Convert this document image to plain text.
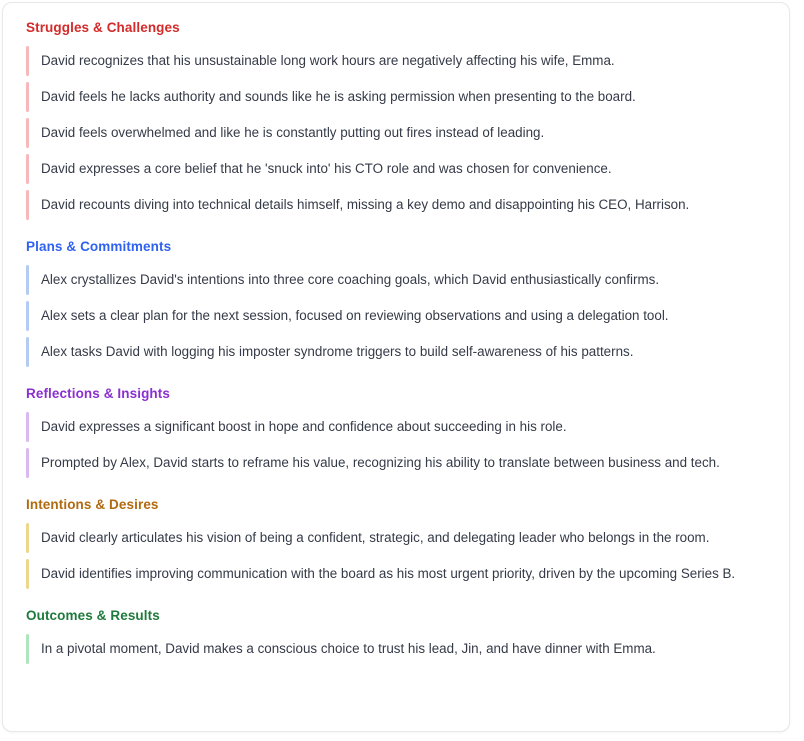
Struggles & Challenges
David recognizes that his unsustainable long work hours are negatively affecting his wife, Emma.
David feels he lacks authority and sounds like he is asking permission when presenting to the board.
David feels overwhelmed and like he is constantly putting out fires instead of leading.
David expresses a core belief that he 'snuck into' his CTO role and was chosen for convenience.
David recounts diving into technical details himself, missing a key demo and disappointing his CEO, Harrison.
Plans & Commitments
Alex crystallizes David's intentions into three core coaching goals, which David enthusiastically confirms.
Alex sets a clear plan for the next session, focused on reviewing observations and using a delegation tool.
Alex tasks David with logging his imposter syndrome triggers to build self-awareness of his patterns.
Reflections & Insights
David expresses a significant boost in hope and confidence about succeeding in his role.
Prompted by Alex, David starts to reframe his value, recognizing his ability to translate between business and tech.
Intentions & Desires
David clearly articulates his vision of being a confident, strategic, and delegating leader who belongs in the room.
David identifies improving communication with the board as his most urgent priority, driven by the upcoming Series B.
Outcomes & Results
In a pivotal moment, David makes a conscious choice to trust his lead, Jin, and have dinner with Emma.
